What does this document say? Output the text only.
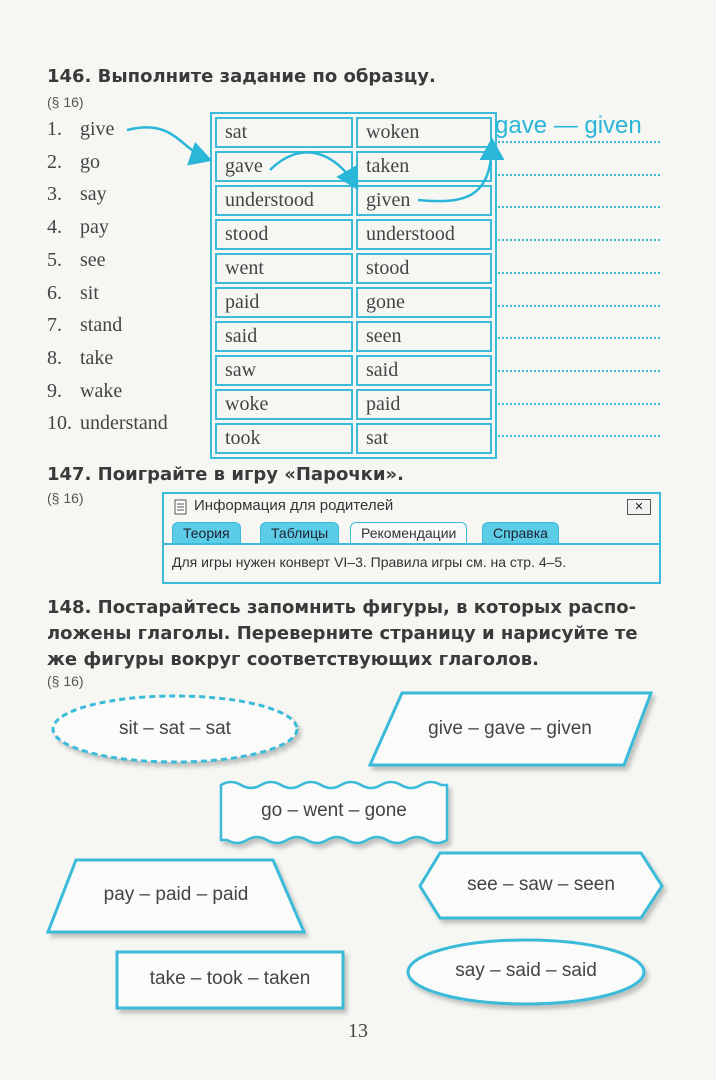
146. Выполните задание по образцу.
(§ 16)
1. give
2. go
3. say
4. pay
5. see
6. sit
7. stand
8. take
9. wake
10. understand
sat	woken
gave	taken
understood	given
stood	understood
went	stood
paid	gone
said	seen
saw	said
woke	paid
took	sat
gave — given
147. Поиграйте в игру «Парочки».
(§ 16)	Информация для родителей	✕
Теория	Таблицы	Рекомендации	Справка
Для игры нужен конверт VI–3. Правила игры см. на стр. 4–5.
148. Постарайтесь запомнить фигуры, в которых распо-
ложены глаголы. Переверните страницу и нарисуйте те
же фигуры вокруг соответствующих глаголов.
(§ 16)
sit – sat – sat	give – gave – given
go – went – gone
pay – paid – paid	see – saw – seen
take – took – taken	say – said – said
13
